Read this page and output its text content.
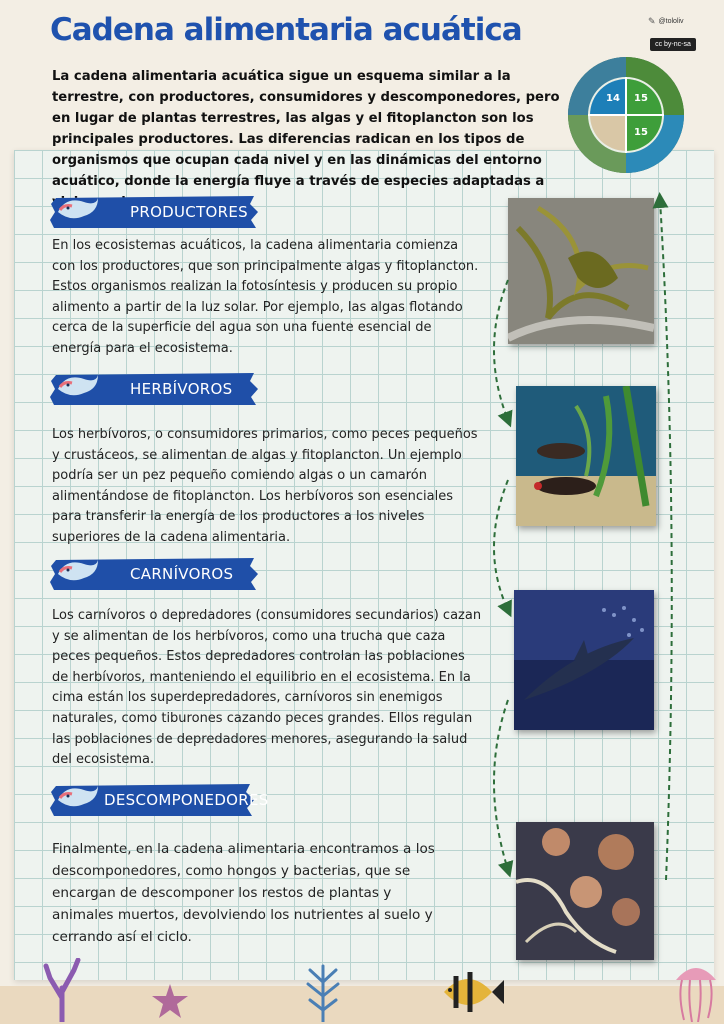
Cadena alimentaria acuática	✎ @tololiv
cc by-nc-sa

La cadena alimentaria acuática sigue un esquema similar a la terrestre, con productores, consumidores y descomponedores, pero en lugar de plantas terrestres, las algas y el fitoplancton son los principales productores. Las diferencias radican en los tipos de organismos que ocupan cada nivel y en las dinámicas del entorno acuático, donde la energía fluye a través de especies adaptadas a

14 15
15
PRODUCTORES

En los ecosistemas acuáticos, la cadena alimentaria comienza con los productores, que son principalmente algas y fitoplancton. Estos organismos realizan la fotosíntesis y producen su propio alimento a partir de la luz solar. Por ejemplo, las algas flotando cerca de la superficie del agua son una fuente esencial de energía para el ecosistema.

HERBÍVOROS

Los herbívoros, o consumidores primarios, como peces pequeños y crustáceos, se alimentan de algas y fitoplancton. Un ejemplo podría ser un pez pequeño comiendo algas o un camarón alimentándose de fitoplancton. Los herbívoros son esenciales para transferir la energía de los productores a los niveles superiores de la cadena alimentaria.

CARNÍVOROS

Los carnívoros o depredadores (consumidores secundarios) cazan y se alimentan de los herbívoros, como una trucha que caza peces pequeños. Estos depredadores controlan las poblaciones de herbívoros, manteniendo el equilibrio en el ecosistema. En la cima están los superdepredadores, carnívoros sin enemigos naturales, como tiburones cazando peces grandes. Ellos regulan las poblaciones de depredadores menores, asegurando la salud del ecosistema.

DESCOMPONEDORES

Finalmente, en la cadena alimentaria encontramos a los descomponedores, como hongos y bacterias, que se encargan de descomponer los restos de plantas y animales muertos, devolviendo los nutrientes al suelo y cerrando así el ciclo.
